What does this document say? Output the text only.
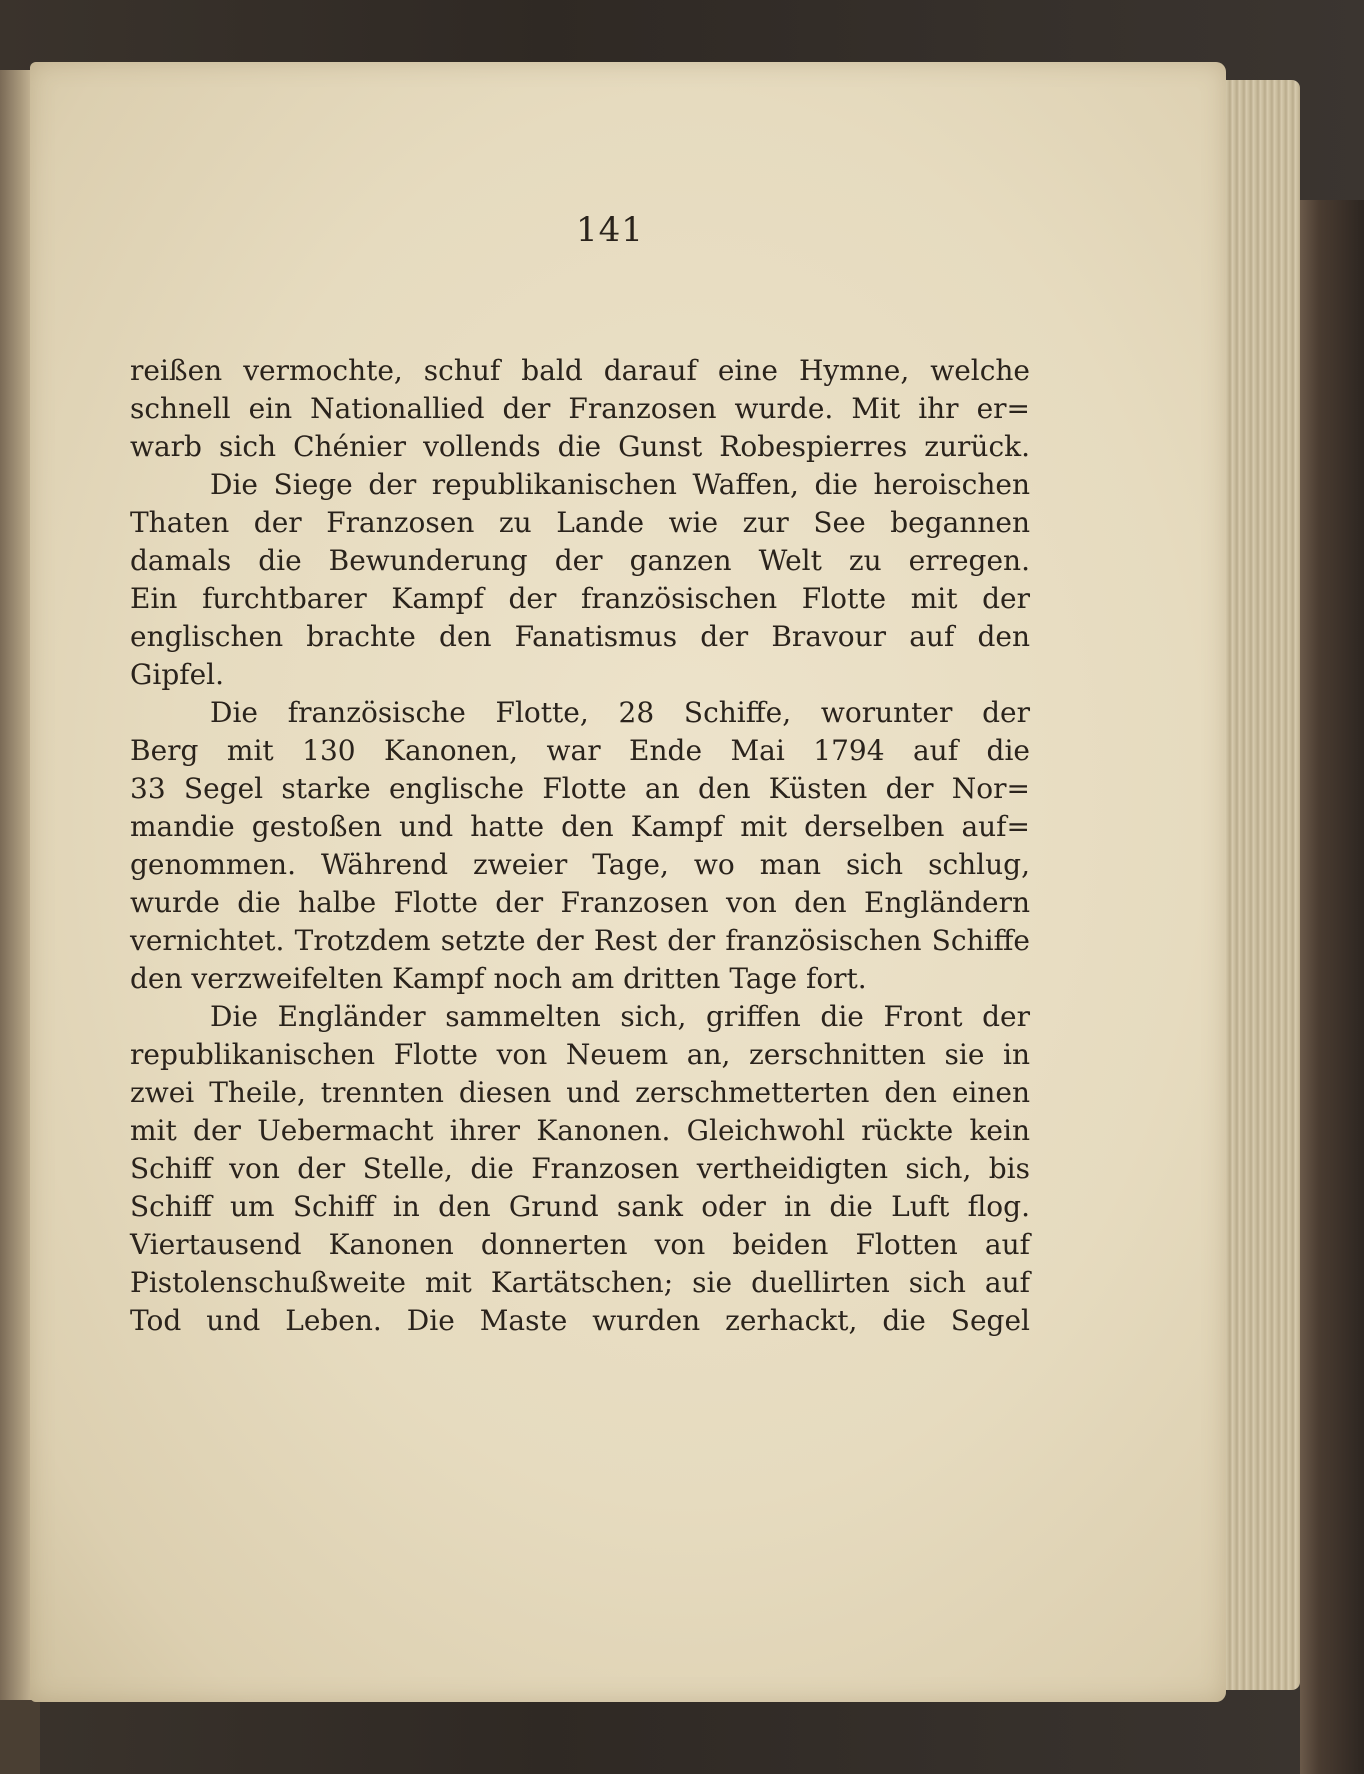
141
reißen vermochte, schuf bald darauf eine Hymne, welche
schnell ein Nationallied der Franzosen wurde. Mit ihr er=
warb sich Chénier vollends die Gunst Robespierres zurück.
Die Siege der republikanischen Waffen, die heroischen
Thaten der Franzosen zu Lande wie zur See begannen
damals die Bewunderung der ganzen Welt zu erregen.
Ein furchtbarer Kampf der französischen Flotte mit der
englischen brachte den Fanatismus der Bravour auf den
Gipfel.
Die französische Flotte, 28 Schiffe, worunter der
Berg mit 130 Kanonen, war Ende Mai 1794 auf die
33 Segel starke englische Flotte an den Küsten der Nor=
mandie gestoßen und hatte den Kampf mit derselben auf=
genommen. Während zweier Tage, wo man sich schlug,
wurde die halbe Flotte der Franzosen von den Engländern
vernichtet. Trotzdem setzte der Rest der französischen Schiffe
den verzweifelten Kampf noch am dritten Tage fort.
Die Engländer sammelten sich, griffen die Front der
republikanischen Flotte von Neuem an, zerschnitten sie in
zwei Theile, trennten diesen und zerschmetterten den einen
mit der Uebermacht ihrer Kanonen. Gleichwohl rückte kein
Schiff von der Stelle, die Franzosen vertheidigten sich, bis
Schiff um Schiff in den Grund sank oder in die Luft flog.
Viertausend Kanonen donnerten von beiden Flotten auf
Pistolenschußweite mit Kartätschen; sie duellirten sich auf
Tod und Leben. Die Maste wurden zerhackt, die Segel
